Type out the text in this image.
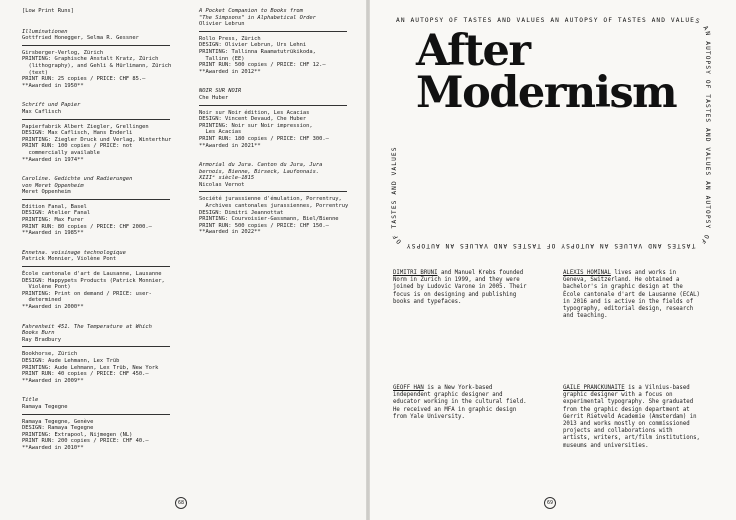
[Low Print Runs]
Illuminationen
Gottfried Honegger, Selma R. Gessner
Girsberger-Verlog, Zürich
PRINTING: Graphische Anstalt Kratz, Zürich
(lithography), and Gehli & Hürlimann, Zürich
(text)
PRINT RUN: 25 copies / PRICE: CHF 85.–
**Awarded in 1950**
Schrift und Papier
Max Caflisch
Papierfabrik Albert Ziegler, Grellingen
DESIGN: Max Caflisch, Hans Enderli
PRINTING: Ziegler Druck und Verlag, Winterthur
PRINT RUN: 100 copies / PRICE: not
commercially available
**Awarded in 1974**
Caroline. Gedichte und Radierungen
von Meret Oppenheim
Meret Oppenheim
Edition Fanal, Basel
DESIGN: Atelier Fanal
PRINTING: Max Furer
PRINT RUN: 80 copies / PRICE: CHF 2000.–
**Awarded in 1985**
Ennetna. voisinage technologique
Patrick Monnier, Violène Pont
École cantonale d'art de Lausanne, Lausanne
DESIGN: Happypets Products (Patrick Monnier,
Violène Pont)
PRINTING: Print on demand / PRICE: user-
determined
**Awarded in 2000**
Fahrenheit 451. The Temperature at Which
Books Burn
Ray Bradbury
Bookhorse, Zürich
DESIGN: Aude Lehmann, Lex Trüb
PRINTING: Aude Lehmann, Lex Trüb, New York
PRINT RUN: 40 copies / PRICE: CHF 450.–
**Awarded in 2009**
Title
Ramaya Tegegne
Ramaya Tegegne, Genève
DESIGN: Ramaya Tegegne
PRINTING: Extrapool, Nijmegen (NL)
PRINT RUN: 200 copies / PRICE: CHF 40.–
**Awarded in 2010**
A Pocket Companion to Books from
"The Simpsons" in Alphabetical Order
Olivier Lebrun
Rollo Press, Zürich
DESIGN: Olivier Lebrun, Urs Lehni
PRINTING: Tallinna Raamatutrükikoda,
Tallinn (EE)
PRINT RUN: 500 copies / PRICE: CHF 12.–
**Awarded in 2012**
NOIR SUR NOIR
Che Huber
Noir sur Noir édition, Les Acacias
DESIGN: Vincent Devaud, Che Huber
PRINTING: Noir sur Noir impression,
Les Acacias
PRINT RUN: 180 copies / PRICE: CHF 300.–
**Awarded in 2021**
Armorial du Jura. Canton du Jura, Jura
bernois, Bienne, Birseck, Laufonnais.
XIIIᵉ siècle–1815
Nicolas Vernot
Société jurassienne d'émulation, Porrentruy,
Archives cantonales jurassiennes, Porrentruy
DESIGN: Dimitri Jeannottat
PRINTING: Courvoisier-Gassmann, Biel/Bienne
PRINT RUN: 500 copies / PRICE: CHF 150.–
**Awarded in 2022**
68
AN AUTOPSY OF TASTES AND VALUES AN AUTOPSY OF TASTES AND VALUES AN AUTOPSY OF TASTES AND VALUES AN AUTOPSY OF TASTES AND VALUES AN AUTOPSY OF TASTES AND VALUES AN AUTOPSY OF TASTES AND VALUES
After
Modernism
DIMITRI BRUNI and Manuel Krebs founded Norm in Zurich in 1999, and they were joined by Ludovic Varone in 2005. Their focus is on designing and publishing books and typefaces.
ALEXIS HOMINAL lives and works in Geneva, Switzerland. He obtained a bachelor's in graphic design at the École cantonale d'art de Lausanne (ECAL) in 2016 and is active in the fields of typography, editorial design, research and teaching.
GEOFF HAN is a New York-based independent graphic designer and educator working in the cultural field. He received an MFA in graphic design from Yale University.
GAILE PRANCKUNAITE is a Vilnius-based graphic designer with a focus on experimental typography. She graduated from the graphic design department at Gerrit Rietveld Academie (Amsterdam) in 2013 and works mostly on commissioned projects and collaborations with artists, writers, art/film institutions, museums and universities.
69
